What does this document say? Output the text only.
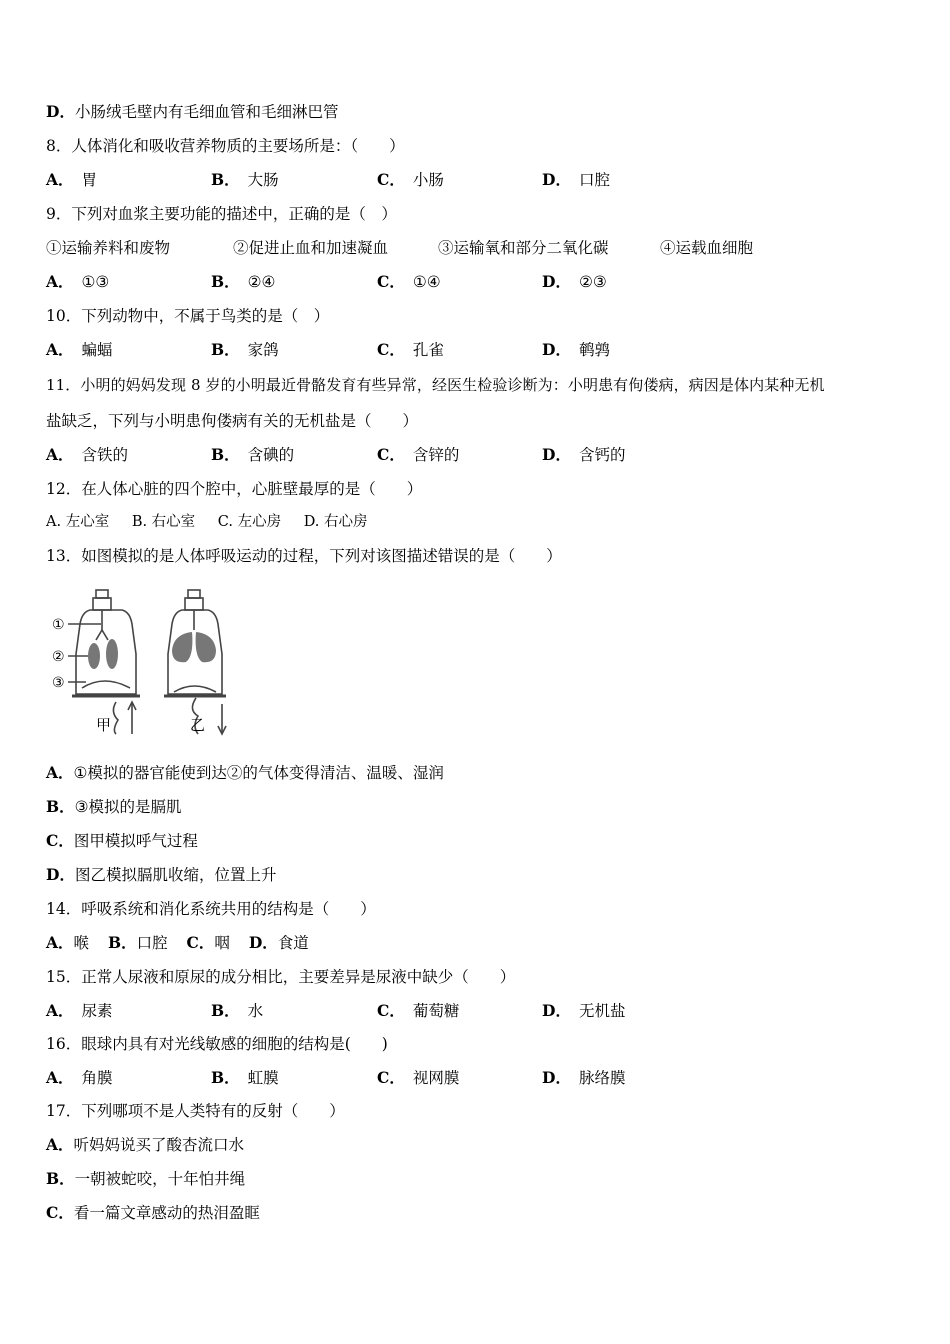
D．小肠绒毛壁内有毛细血管和毛细淋巴管
8．人体消化和吸收营养物质的主要场所是：（　　）
A． 胃	B． 大肠	C． 小肠	D． 口腔
9．下列对血浆主要功能的描述中，正确的是（　）
①运输养料和废物	②促进止血和加速凝血	③运输氧和部分二氧化碳	④运载血细胞
A． ①③	B． ②④	C． ①④	D． ②③
10．下列动物中，不属于鸟类的是（　）
A． 蝙蝠	B． 家鸽	C． 孔雀	D． 鹌鹑
11．小明的妈妈发现 8 岁的小明最近骨骼发育有些异常，经医生检验诊断为：小明患有佝偻病，病因是体内某种无机
盐缺乏，下列与小明患佝偻病有关的无机盐是（　　）
A． 含铁的	B． 含碘的	C． 含锌的	D． 含钙的
12．在人体心脏的四个腔中，心脏壁最厚的是（　　）
A. 左心室 B. 右心室 C. 左心房 D. 右心房
13．如图模拟的是人体呼吸运动的过程，下列对该图描述错误的是（　　）
①
②
③
甲	乙
A．①模拟的器官能使到达②的气体变得清洁、温暖、湿润
B．③模拟的是膈肌
C．图甲模拟呼气过程
D．图乙模拟膈肌收缩，位置上升
14．呼吸系统和消化系统共用的结构是（　　）
A．喉 B．口腔 C．咽 D．食道
15．正常人尿液和原尿的成分相比，主要差异是尿液中缺少（　　）
A． 尿素	B． 水	C． 葡萄糖	D． 无机盐
16．眼球内具有对光线敏感的细胞的结构是(　　)
A． 角膜	B． 虹膜	C． 视网膜	D． 脉络膜
17．下列哪项不是人类特有的反射（　　）
A．听妈妈说买了酸杏流口水
B．一朝被蛇咬，十年怕井绳
C．看一篇文章感动的热泪盈眶
